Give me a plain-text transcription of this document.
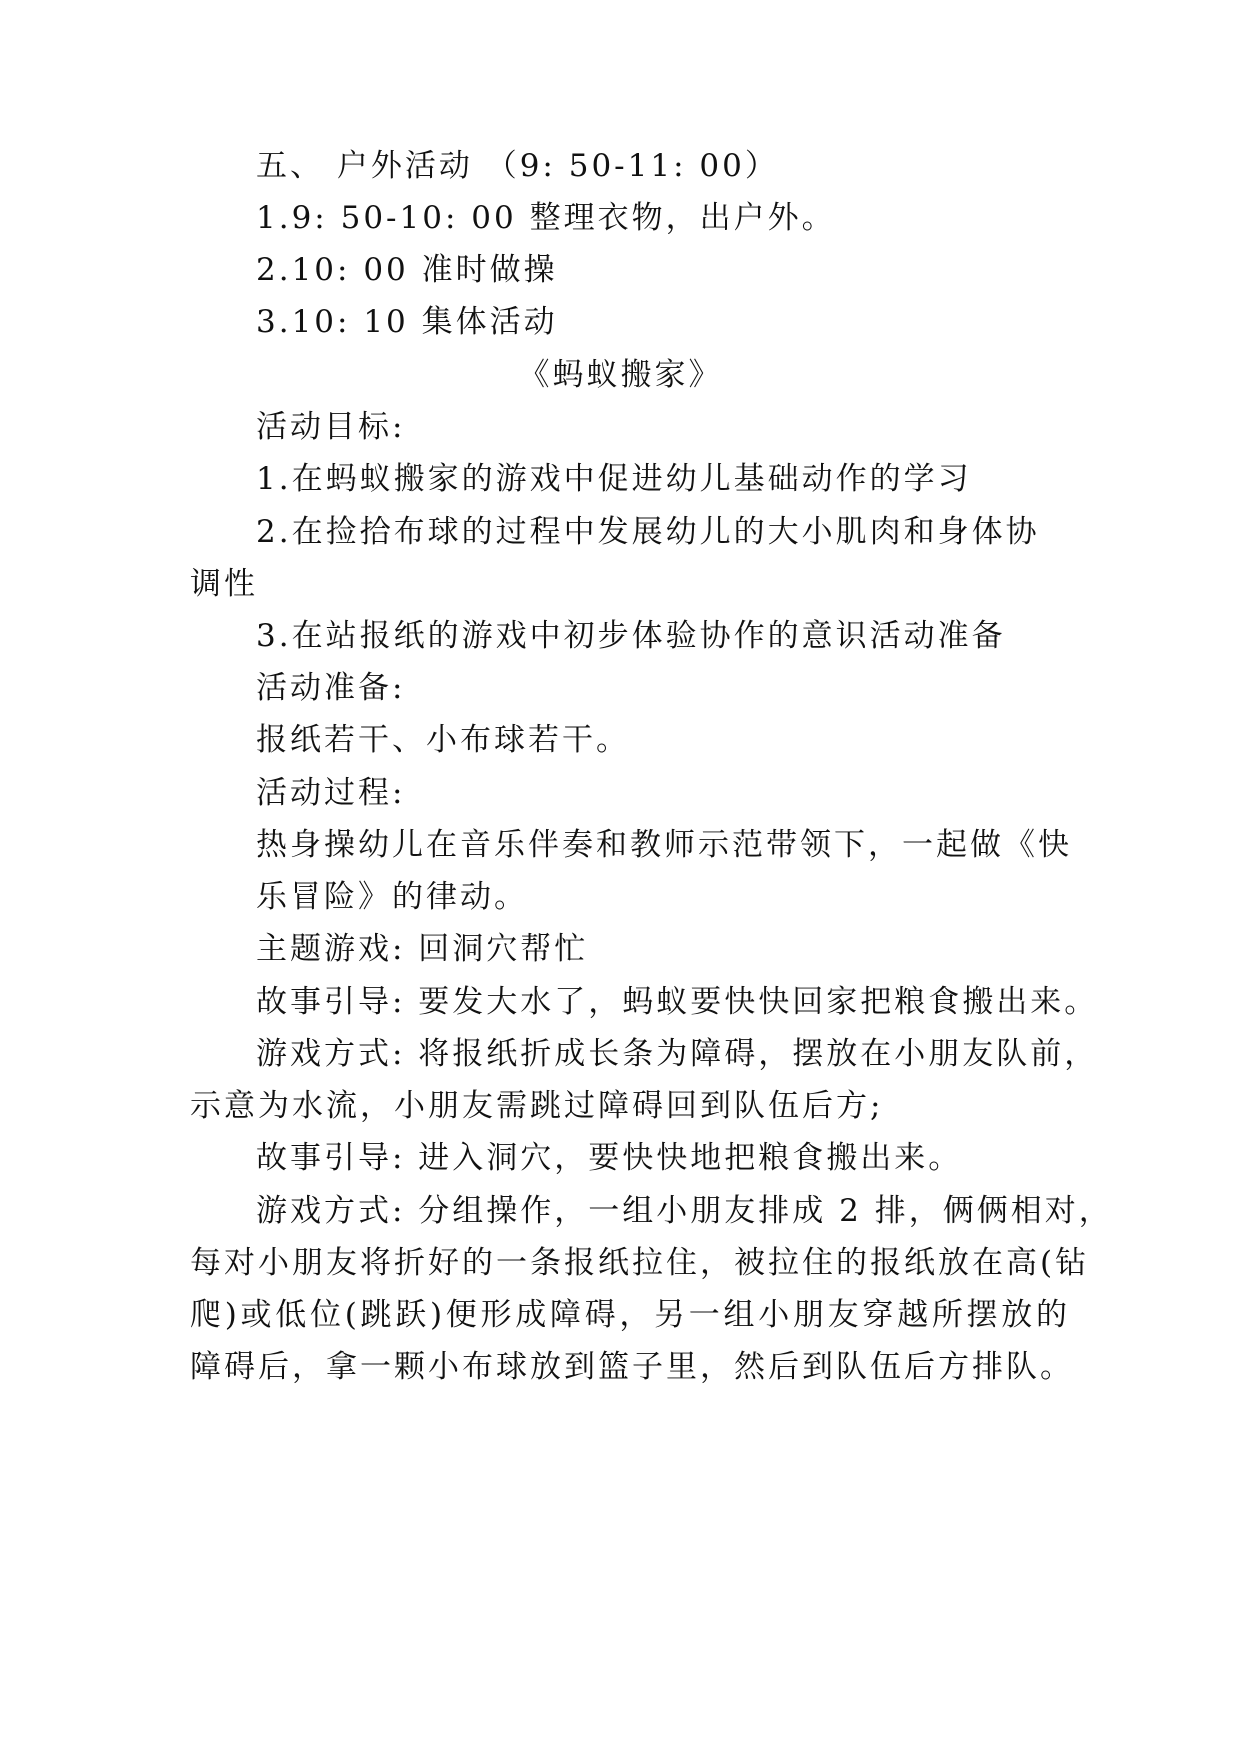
五、 户外活动 （9: 50-11: 00）
1.9: 50-10: 00 整理衣物，出户外。
2.10: 00 准时做操
3.10: 10 集体活动
《蚂蚁搬家》
活动目标:
1.在蚂蚁搬家的游戏中促进幼儿基础动作的学习
2.在捡拾布球的过程中发展幼儿的大小肌肉和身体协
调性
3.在站报纸的游戏中初步体验协作的意识活动准备
活动准备:
报纸若干、小布球若干。
活动过程:
热身操幼儿在音乐伴奏和教师示范带领下，一起做《快
乐冒险》的律动。
主题游戏: 回洞穴帮忙
故事引导: 要发大水了，蚂蚁要快快回家把粮食搬出来。
游戏方式: 将报纸折成长条为障碍，摆放在小朋友队前，
示意为水流，小朋友需跳过障碍回到队伍后方;
故事引导: 进入洞穴，要快快地把粮食搬出来。
游戏方式: 分组操作，一组小朋友排成 2 排，俩俩相对，
每对小朋友将折好的一条报纸拉住，被拉住的报纸放在高(钻
爬)或低位(跳跃)便形成障碍，另一组小朋友穿越所摆放的
障碍后，拿一颗小布球放到篮子里，然后到队伍后方排队。
